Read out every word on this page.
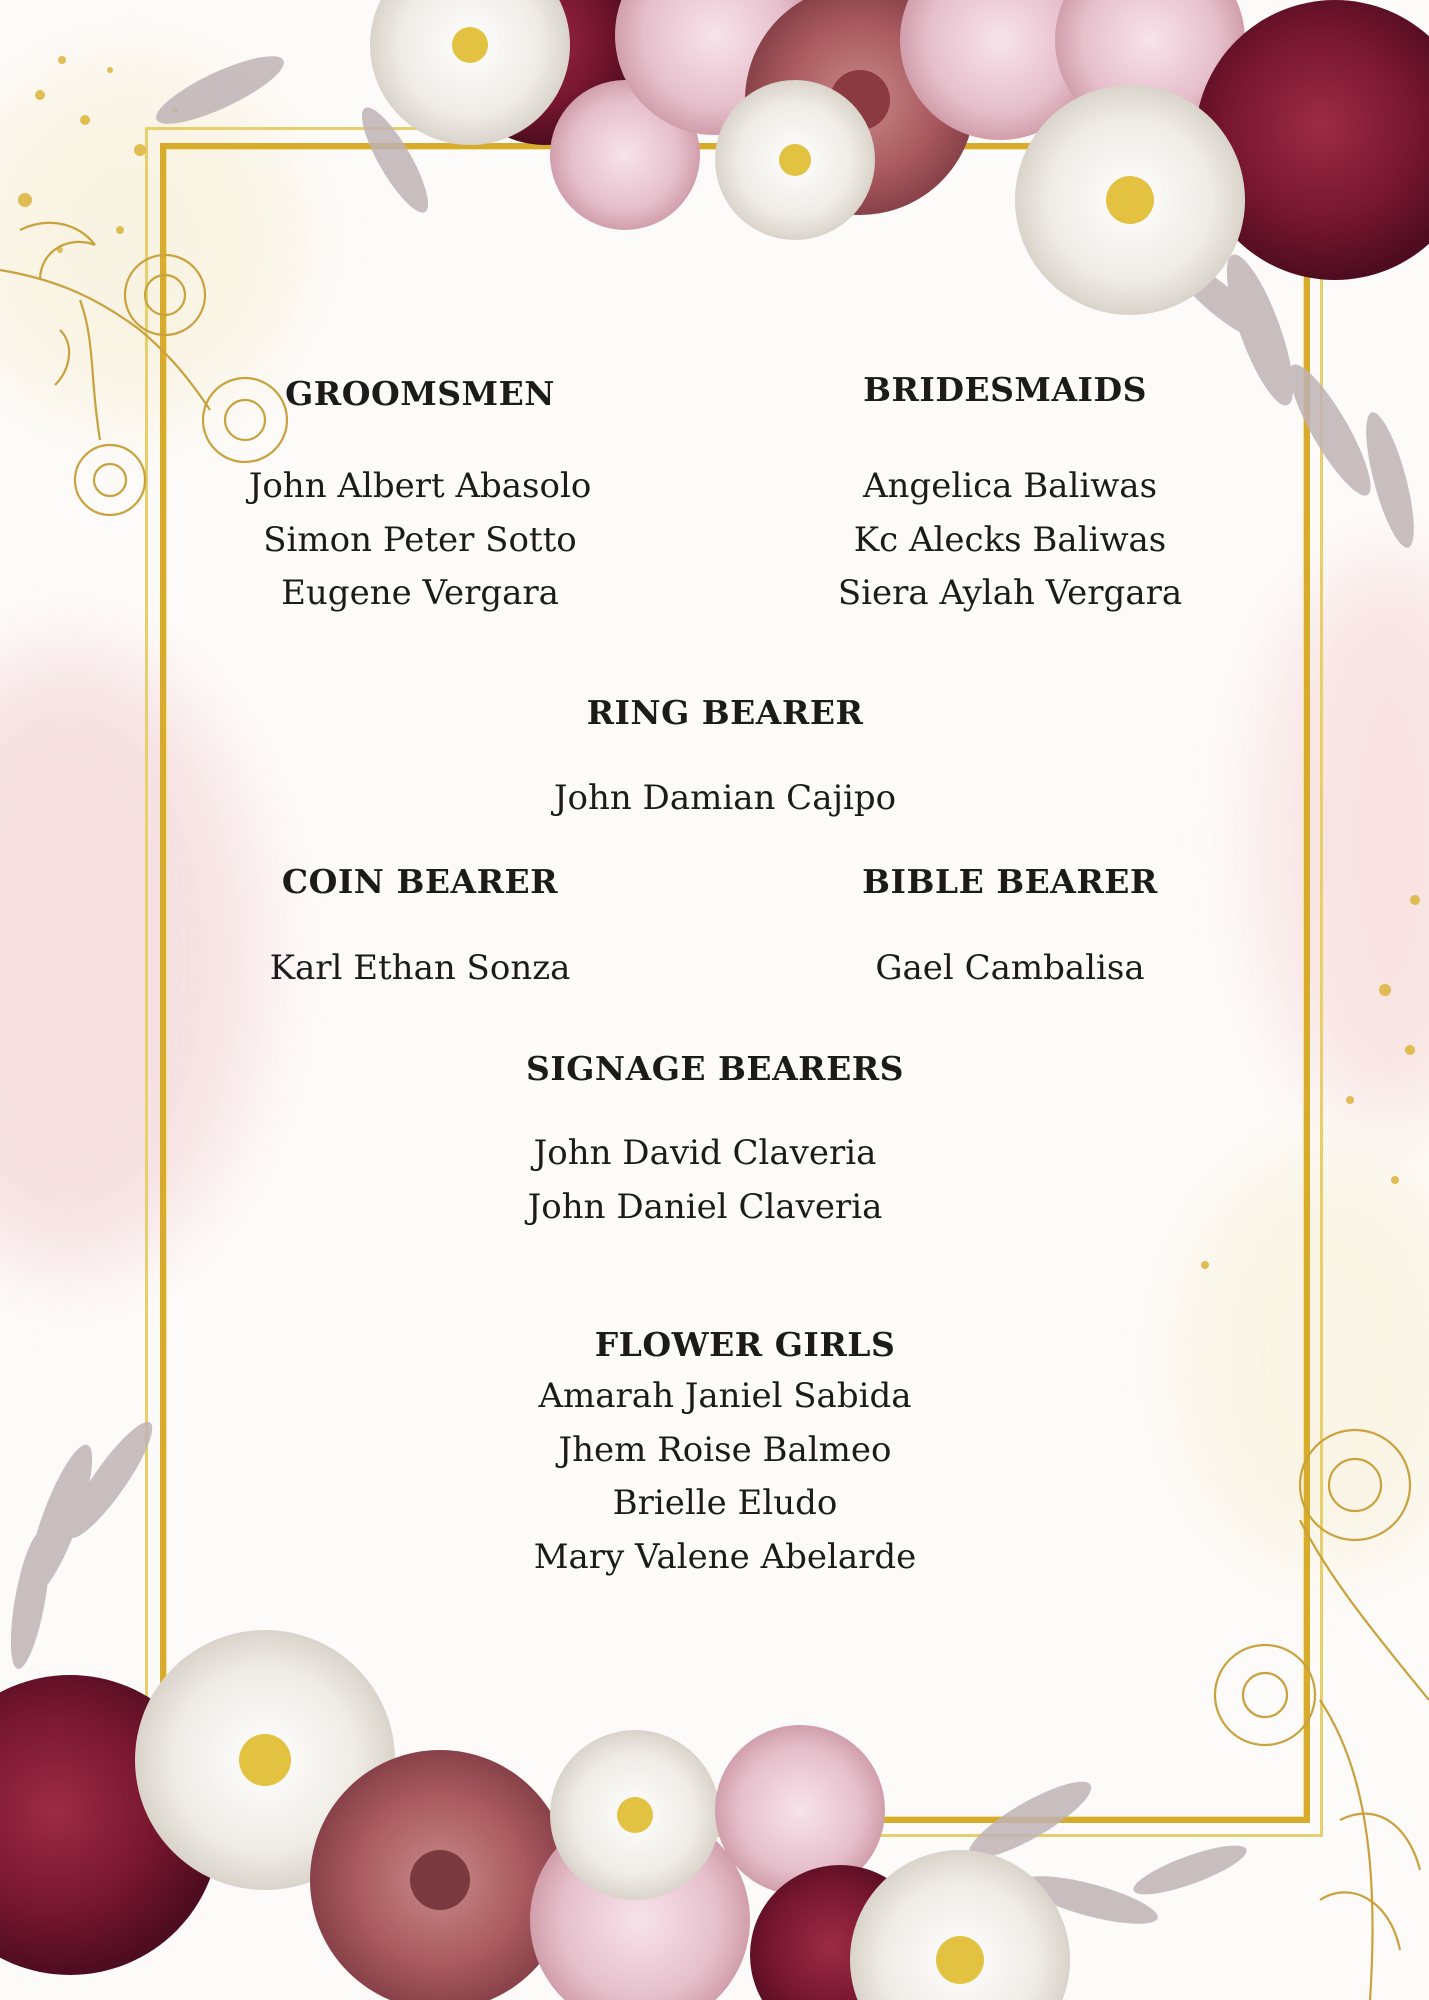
GROOMSMEN
John Albert Abasolo
Simon Peter Sotto
Eugene Vergara
BRIDESMAIDS
Angelica Baliwas
Kc Alecks Baliwas
Siera Aylah Vergara
RING BEARER
John Damian Cajipo
COIN BEARER
Karl Ethan Sonza
BIBLE BEARER
Gael Cambalisa
SIGNAGE BEARERS
John David Claveria
John Daniel Claveria
FLOWER GIRLS
Amarah Janiel Sabida
Jhem Roise Balmeo
Brielle Eludo
Mary Valene Abelarde
